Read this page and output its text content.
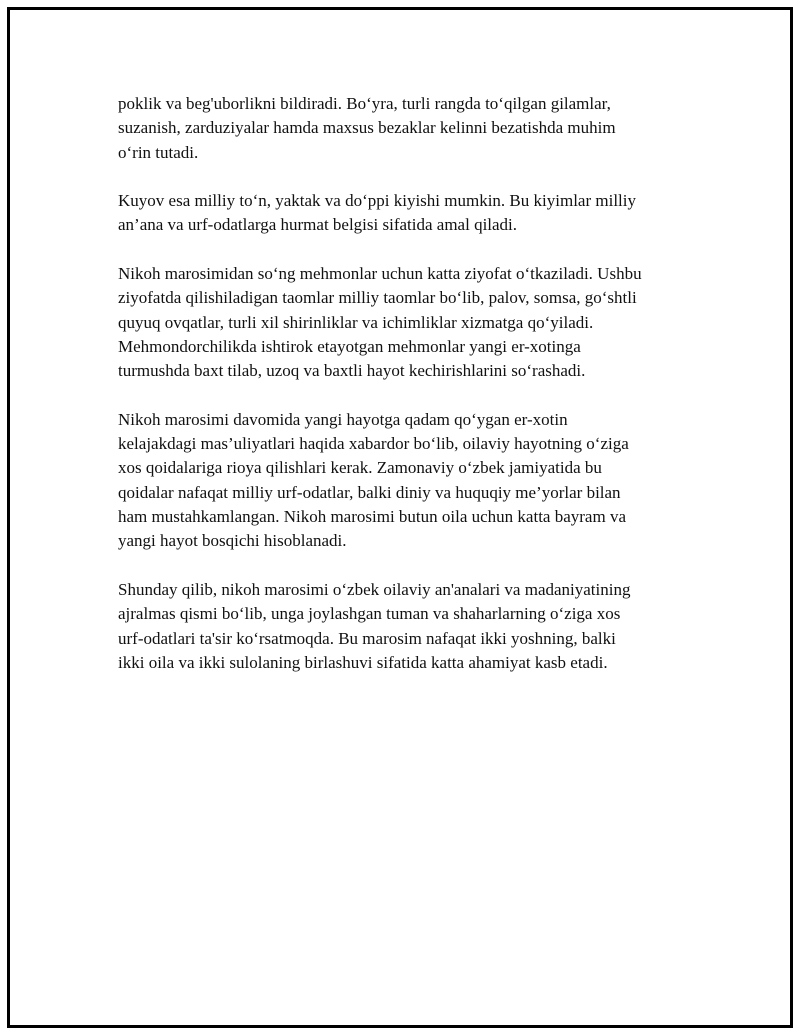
poklik va beg'uborlikni bildiradi. Bo‘yra, turli rangda to‘qilgan gilamlar,
suzanish, zarduziyalar hamda maxsus bezaklar kelinni bezatishda muhim
o‘rin tutadi.

Kuyov esa milliy to‘n, yaktak va do‘ppi kiyishi mumkin. Bu kiyimlar milliy
an’ana va urf-odatlarga hurmat belgisi sifatida amal qiladi.

Nikoh marosimidan so‘ng mehmonlar uchun katta ziyofat o‘tkaziladi. Ushbu
ziyofatda qilishiladigan taomlar milliy taomlar bo‘lib, palov, somsa, go‘shtli
quyuq ovqatlar, turli xil shirinliklar va ichimliklar xizmatga qo‘yiladi.
Mehmondorchilikda ishtirok etayotgan mehmonlar yangi er-xotinga
turmushda baxt tilab, uzoq va baxtli hayot kechirishlarini so‘rashadi.

Nikoh marosimi davomida yangi hayotga qadam qo‘ygan er-xotin
kelajakdagi mas’uliyatlari haqida xabardor bo‘lib, oilaviy hayotning o‘ziga
xos qoidalariga rioya qilishlari kerak. Zamonaviy o‘zbek jamiyatida bu
qoidalar nafaqat milliy urf-odatlar, balki diniy va huquqiy me’yorlar bilan
ham mustahkamlangan. Nikoh marosimi butun oila uchun katta bayram va
yangi hayot bosqichi hisoblanadi.

Shunday qilib, nikoh marosimi o‘zbek oilaviy an'analari va madaniyatining
ajralmas qismi bo‘lib, unga joylashgan tuman va shaharlarning o‘ziga xos
urf-odatlari ta'sir ko‘rsatmoqda. Bu marosim nafaqat ikki yoshning, balki
ikki oila va ikki sulolaning birlashuvi sifatida katta ahamiyat kasb etadi.
